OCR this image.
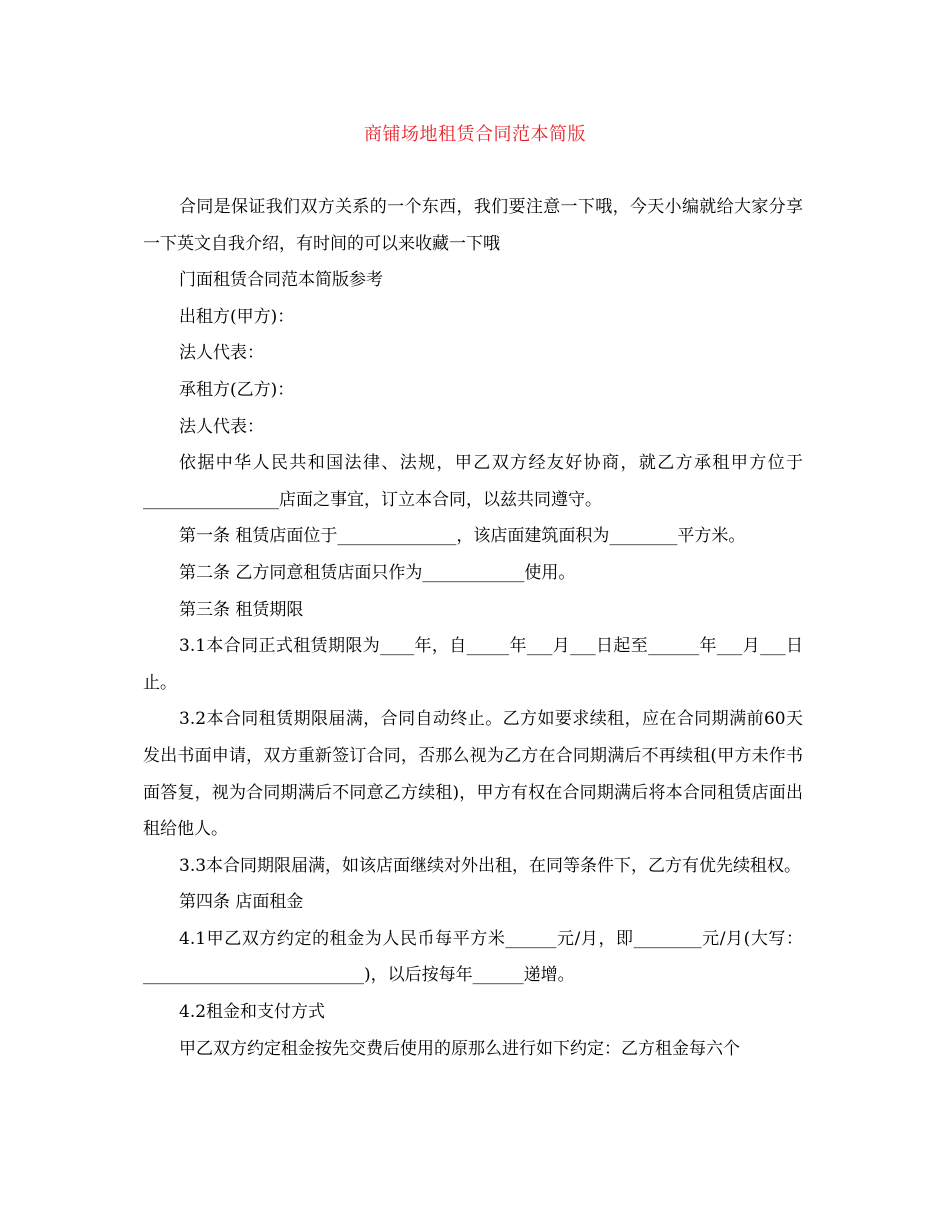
商铺场地租赁合同范本简版

合同是保证我们双方关系的一个东西，我们要注意一下哦，今天小编就给大家分享一下英文自我介绍，有时间的可以来收藏一下哦

门面租赁合同范本简版参考

出租方(甲方)：

法人代表：

承租方(乙方)：

法人代表：

依据中华人民共和国法律、法规，甲乙双方经友好协商，就乙方承租甲方位于________________店面之事宜，订立本合同，以兹共同遵守。

第一条 租赁店面位于______________，该店面建筑面积为________平方米。

第二条 乙方同意租赁店面只作为____________使用。

第三条 租赁期限

3.1本合同正式租赁期限为____年，自_____年___月___日起至______年___月___日止。

3.2本合同租赁期限届满，合同自动终止。乙方如要求续租，应在合同期满前60天发出书面申请，双方重新签订合同，否那么视为乙方在合同期满后不再续租(甲方未作书面答复，视为合同期满后不同意乙方续租)，甲方有权在合同期满后将本合同租赁店面出租给他人。

3.3本合同期限届满，如该店面继续对外出租，在同等条件下，乙方有优先续租权。

第四条 店面租金

4.1甲乙双方约定的租金为人民币每平方米______元/月，即________元/月(大写：__________________________)，以后按每年______递增。

4.2租金和支付方式

甲乙双方约定租金按先交费后使用的原那么进行如下约定：乙方租金每六个
